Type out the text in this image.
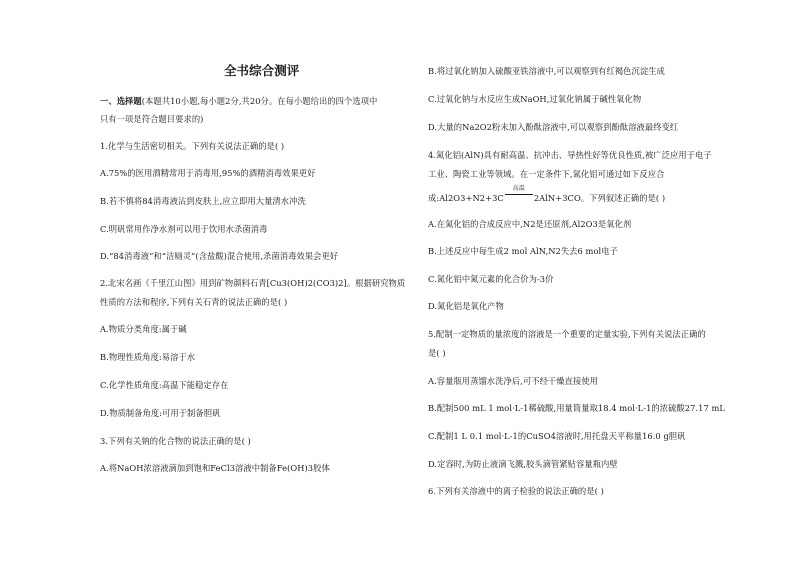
全书综合测评
一、选择题(本题共10小题,每小题2分,共20分。在每小题给出的四个选项中
只有一项是符合题目要求的)
1.化学与生活密切相关。下列有关说法正确的是( )
A.75%的医用酒精常用于消毒用,95%的酒精消毒效果更好
B.若不慎将84消毒液沾到皮肤上,应立即用大量清水冲洗
C.明矾常用作净水剂可以用于饮用水杀菌消毒
D.“84消毒液”和“洁厕灵”(含盐酸)混合使用,杀菌消毒效果会更好
2.北宋名画《千里江山图》用到矿物颜料石青[Cu3(OH)2(CO3)2]。根据研究物质
性质的方法和程序,下列有关石青的说法正确的是( )
A.物质分类角度:属于碱
B.物理性质角度:易溶于水
C.化学性质角度:高温下能稳定存在
D.物质制备角度:可用于制备胆矾
3.下列有关钠的化合物的说法正确的是( )
A.将NaOH浓溶液滴加到饱和FeCl3溶液中制备Fe(OH)3胶体
B.将过氧化钠加入硫酸亚铁溶液中,可以观察到有红褐色沉淀生成
C.过氧化钠与水反应生成NaOH,过氧化钠属于碱性氧化物
D.大量的Na2O2粉末加入酚酞溶液中,可以观察到酚酞溶液最终变红
4.氮化铝(AlN)具有耐高温、抗冲击、导热性好等优良性质,被广泛应用于电子
工业、陶瓷工业等领域。在一定条件下,氮化铝可通过如下反应合
成:Al2O3+N2+3C
高温
2AlN+3CO。下列叙述正确的是( )
A.在氮化铝的合成反应中,N2是还原剂,Al2O3是氧化剂
B.上述反应中每生成2 mol AlN,N2失去6 mol电子
C.氮化铝中氮元素的化合价为-3价
D.氮化铝是氧化产物
5.配制一定物质的量浓度的溶液是一个重要的定量实验,下列有关说法正确的
是( )
A.容量瓶用蒸馏水洗净后,可不经干燥直接使用
B.配制500 mL 1 mol·L-1稀硫酸,用量筒量取18.4 mol·L-1的浓硫酸27.17 mL
C.配制1 L 0.1 mol·L-1的CuSO4溶液时,用托盘天平称量16.0 g胆矾
D.定容时,为防止液滴飞溅,胶头滴管紧贴容量瓶内壁
6.下列有关溶液中的离子检验的说法正确的是( )
